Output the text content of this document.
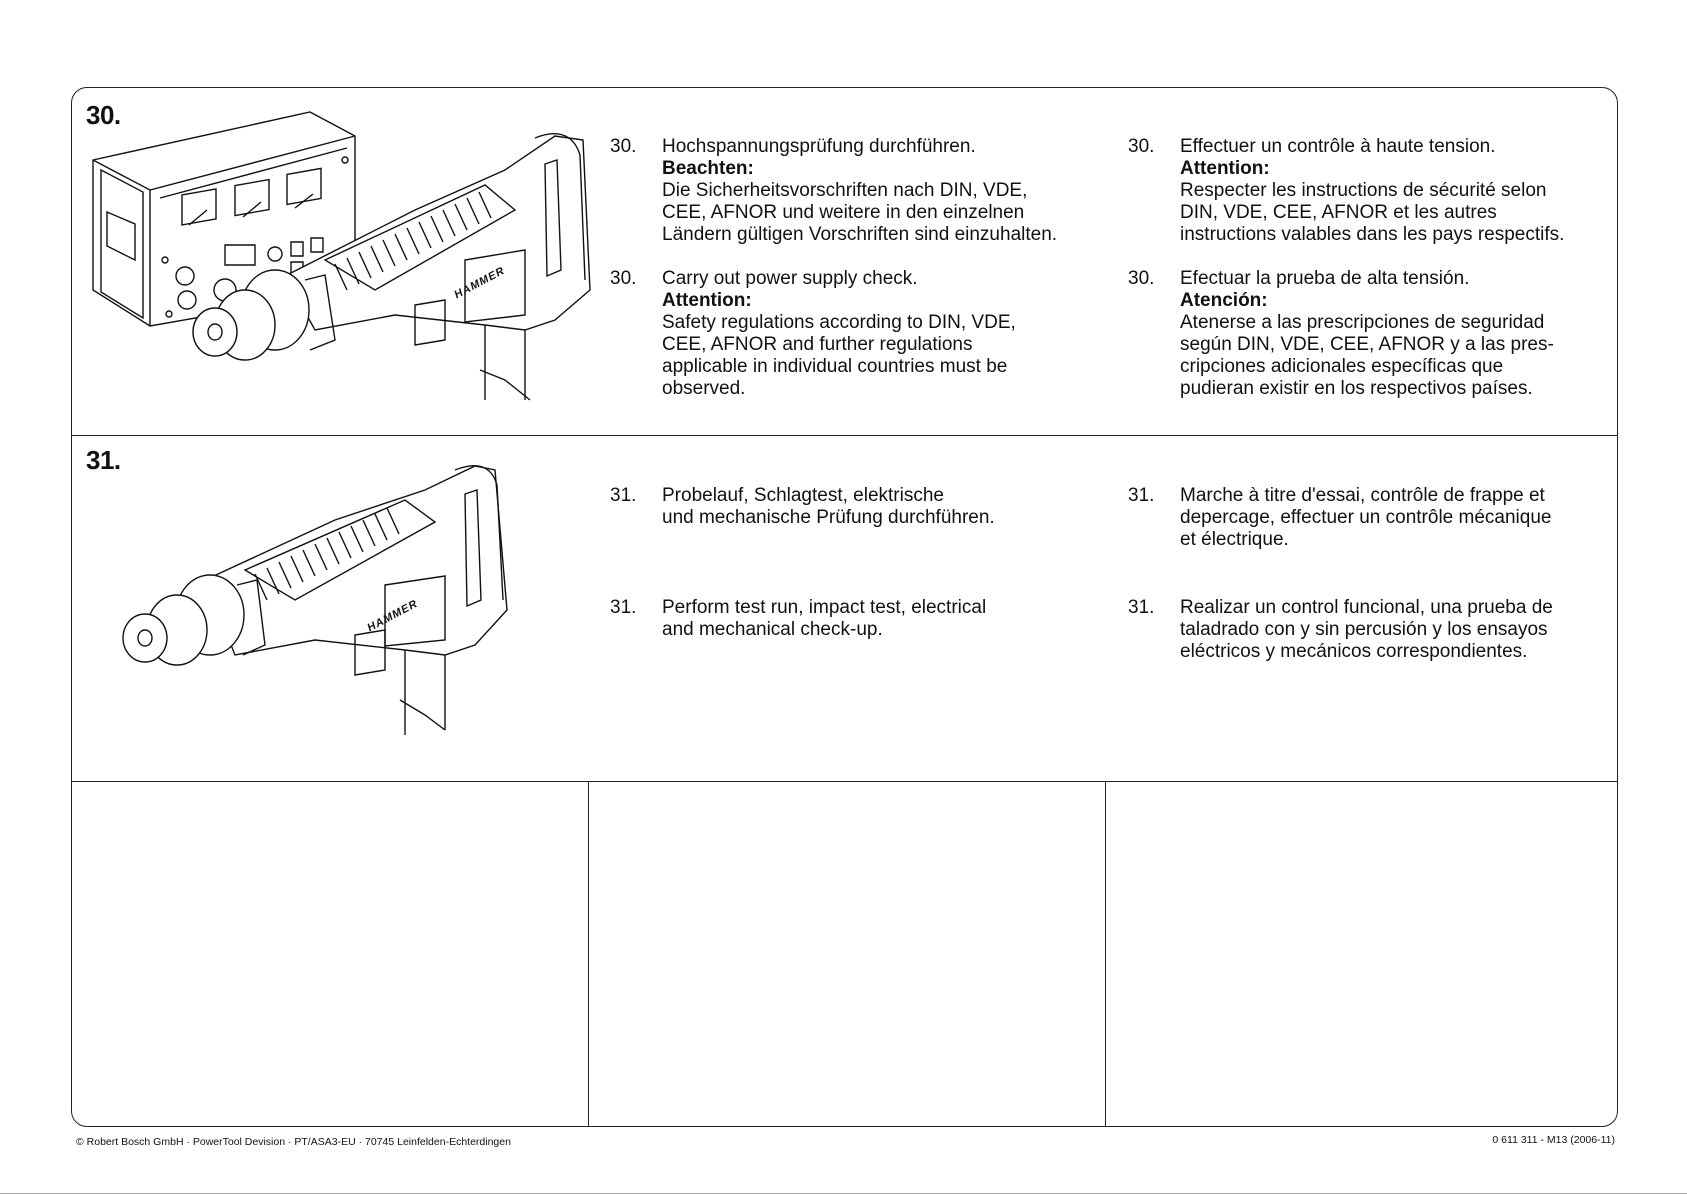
30.
31.
HAMMER
HAMMER
30. Hochspannungsprüfung durchführen.
Beachten:
Die Sicherheitsvorschriften nach DIN, VDE,
CEE, AFNOR und weitere in den einzelnen
Ländern gültigen Vorschriften sind einzuhalten.
30. Carry out power supply check.
Attention:
Safety regulations according to DIN, VDE,
CEE, AFNOR and further regulations
applicable in individual countries must be
observed.
30. Effectuer un contrôle à haute tension.
Attention:
Respecter les instructions de sécurité selon
DIN, VDE, CEE, AFNOR et les autres
instructions valables dans les pays respectifs.
30. Efectuar la prueba de alta tensión.
Atención:
Atenerse a las prescripciones de seguridad
según DIN, VDE, CEE, AFNOR y a las pres-
cripciones adicionales específicas que
pudieran existir en los respectivos países.
31. Probelauf, Schlagtest, elektrische
und mechanische Prüfung durchführen.
31. Perform test run, impact test, electrical
and mechanical check-up.
31. Marche à titre d'essai, contrôle de frappe et
depercage, effectuer un contrôle mécanique
et électrique.
31. Realizar un control funcional, una prueba de
taladrado con y sin percusión y los ensayos
eléctricos y mecánicos correspondientes.
© Robert Bosch GmbH · PowerTool Devision · PT/ASA3-EU · 70745 Leinfelden-Echterdingen	0 611 311 - M13 (2006-11)
